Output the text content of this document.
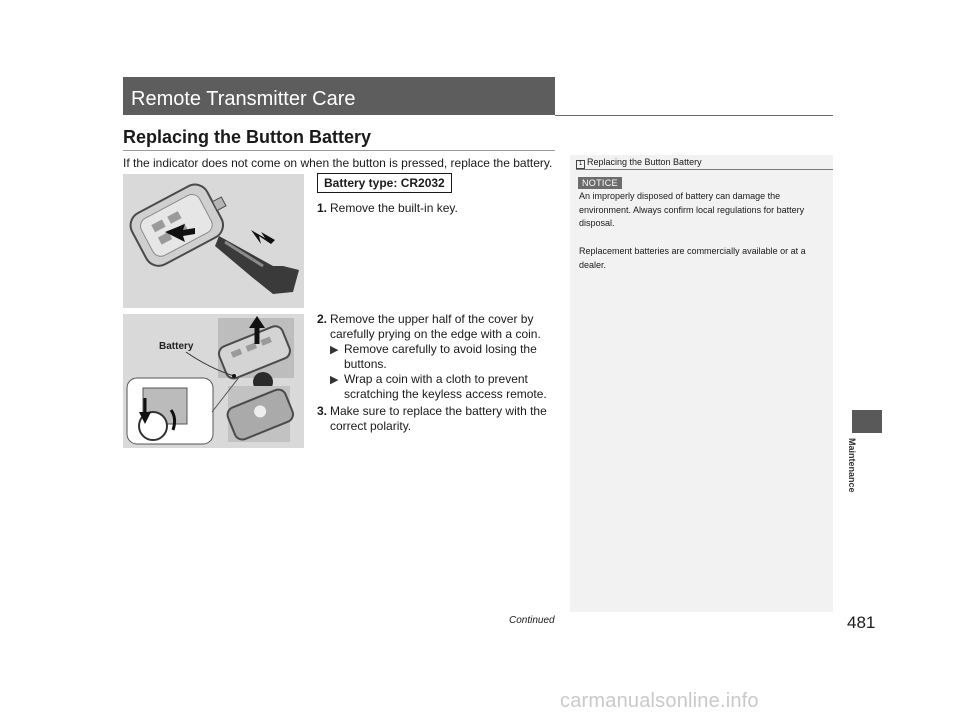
Remote Transmitter Care
Replacing the Button Battery
If the indicator does not come on when the button is pressed, replace the battery.
Battery
Battery type: CR2032
1. Remove the built-in key.
2. Remove the upper half of the cover by carefully prying on the edge with a coin.
▶ Remove carefully to avoid losing the buttons.
▶ Wrap a coin with a cloth to prevent scratching the keyless access remote.
3. Make sure to replace the battery with the correct polarity.
1 Replacing the Button Battery
NOTICE
An improperly disposed of battery can damage the environment. Always confirm local regulations for battery disposal.
Replacement batteries are commercially available or at a dealer.
Maintenance
Continued	481
carmanualsonline.info
